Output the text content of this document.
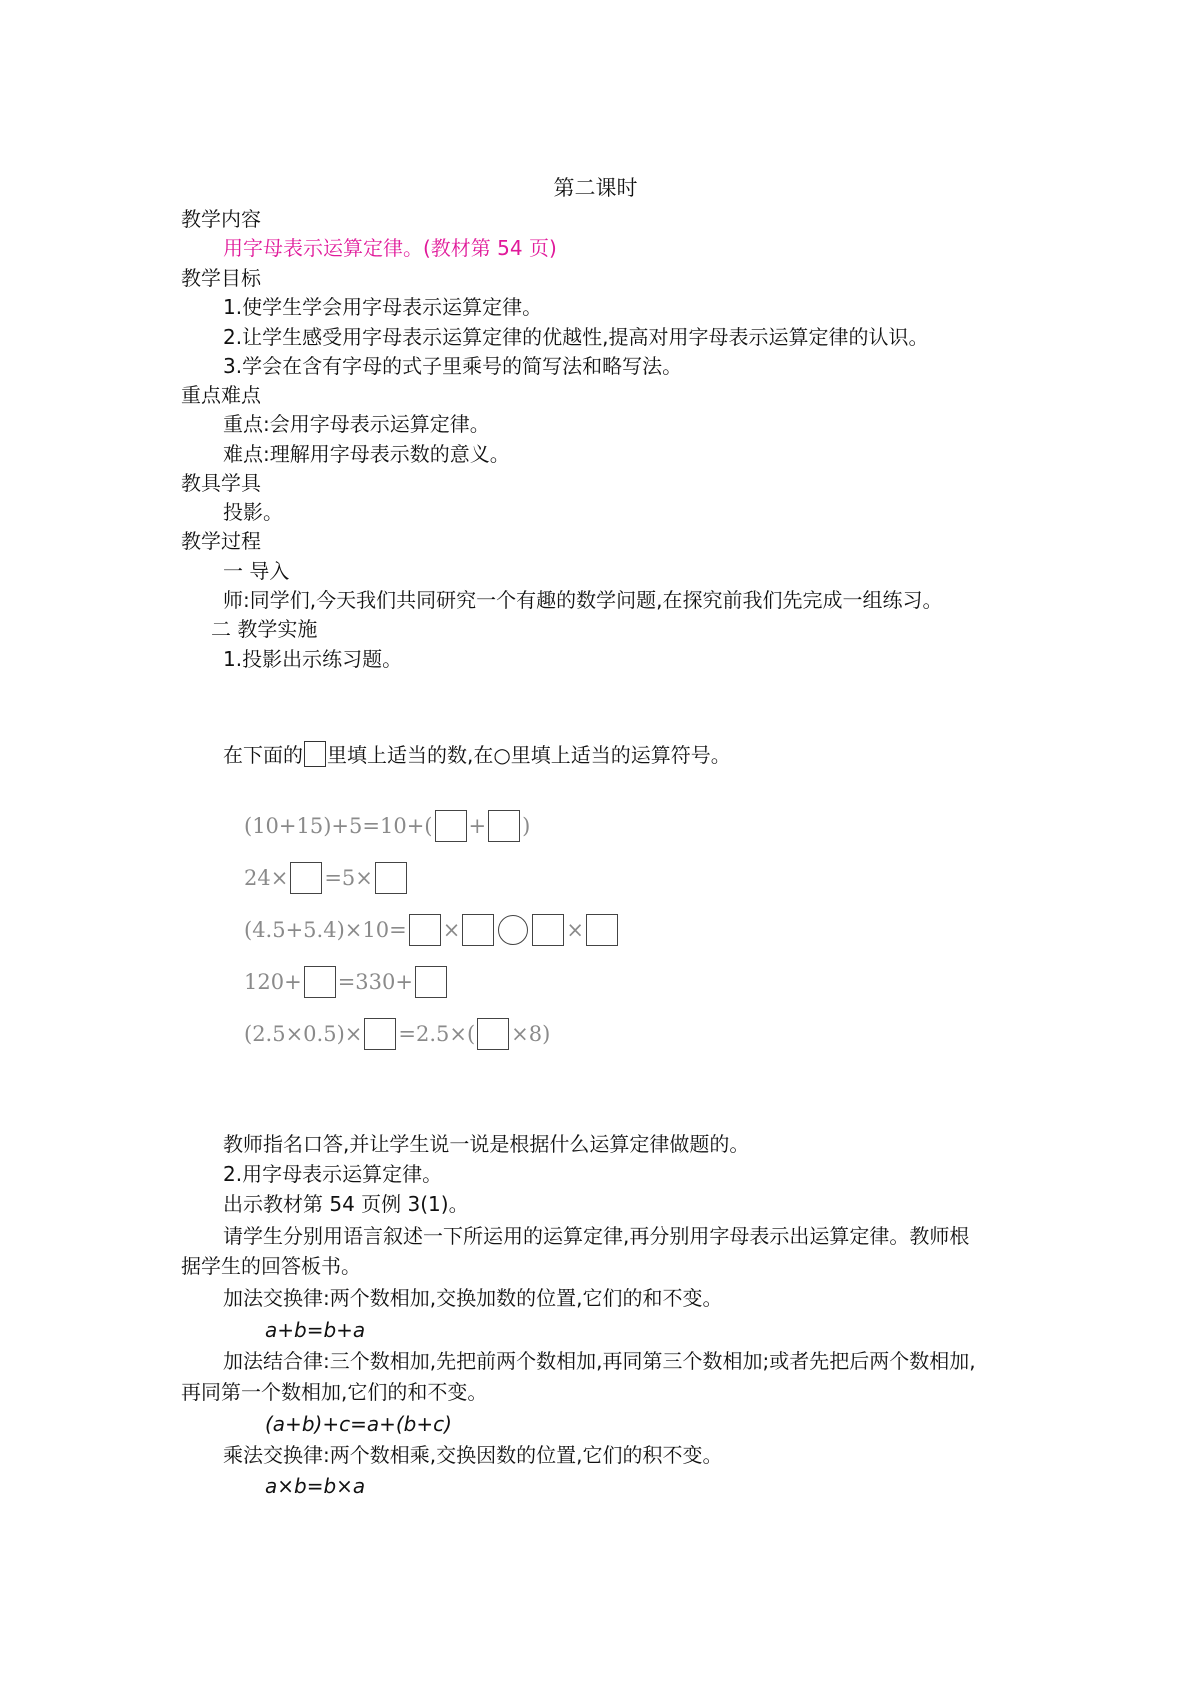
第二课时
教学内容
用字母表示运算定律。(教材第 54 页)
教学目标
1.使学生学会用字母表示运算定律。
2.让学生感受用字母表示运算定律的优越性,提高对用字母表示运算定律的认识。
3.学会在含有字母的式子里乘号的简写法和略写法。
重点难点
重点:会用字母表示运算定律。
难点:理解用字母表示数的意义。
教具学具
投影。
教学过程
一 导入
师:同学们,今天我们共同研究一个有趣的数学问题,在探究前我们先完成一组练习。
二 教学实施
1.投影出示练习题。
在下面的 里填上适当的数,在○里填上适当的运算符号。
(10+15)+5=10+( + )
24× =5×
(4.5+5.4)×10= ×	×
120+ =330+
(2.5×0.5)× =2.5×( ×8)
教师指名口答,并让学生说一说是根据什么运算定律做题的。
2.用字母表示运算定律。
出示教材第 54 页例 3(1)。
请学生分别用语言叙述一下所运用的运算定律,再分别用字母表示出运算定律。教师根
据学生的回答板书。
加法交换律:两个数相加,交换加数的位置,它们的和不变。
a+b=b+a
加法结合律:三个数相加,先把前两个数相加,再同第三个数相加;或者先把后两个数相加,
再同第一个数相加,它们的和不变。
(a+b)+c=a+(b+c)
乘法交换律:两个数相乘,交换因数的位置,它们的积不变。
a×b=b×a
